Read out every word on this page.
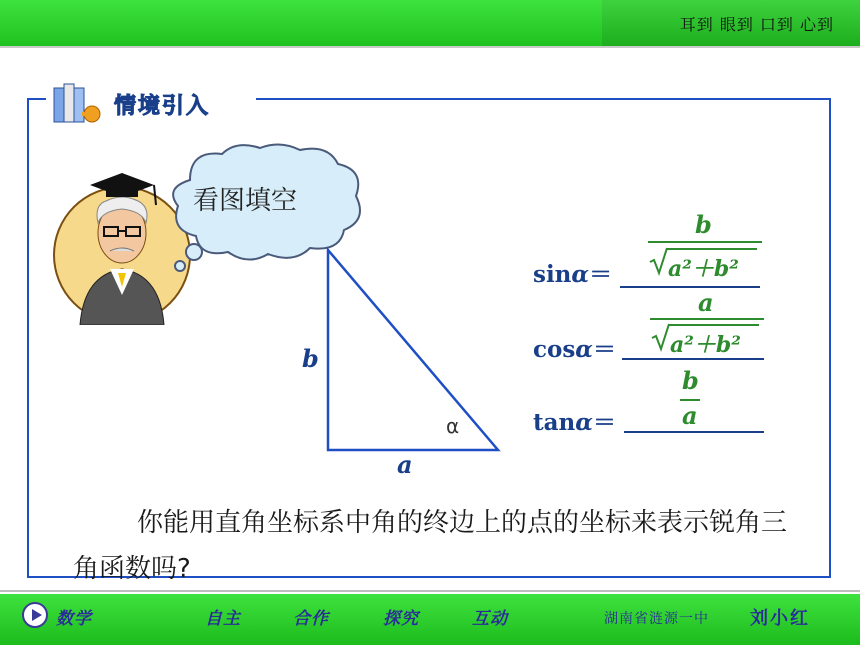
耳到 眼到 口到 心到
情境引入
看图填空
b
a
α
sinα＝
b
a²＋b²
cosα＝
a
a²＋b²
tanα＝
b
a
你能用直角坐标系中角的终边上的点的坐标来表示锐角三角函数吗?
数学	自主	合作	探究	互动	湖南省涟源一中 刘小红
